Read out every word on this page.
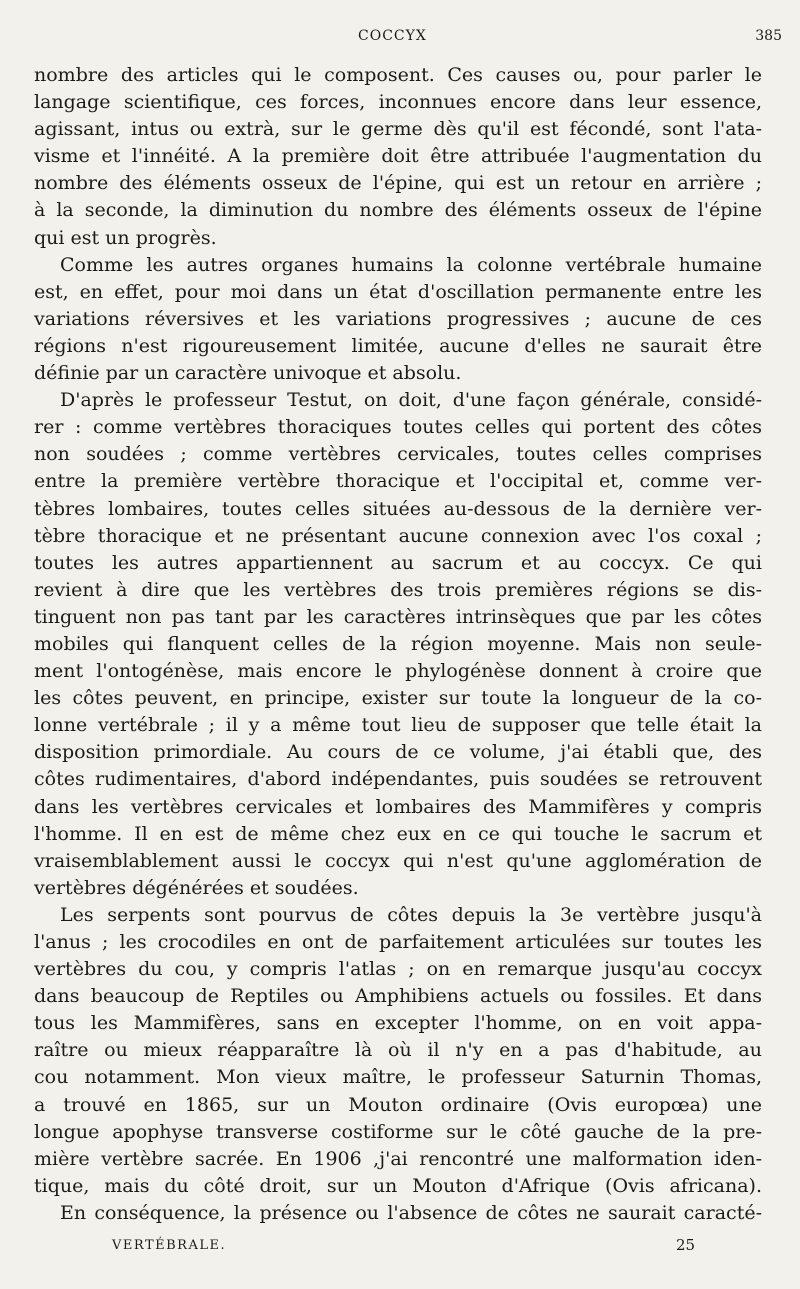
COCCYX	385
nombre des articles qui le composent. Ces causes ou, pour parler le
langage scientifique, ces forces, inconnues encore dans leur essence,
agissant, intus ou extrà, sur le germe dès qu'il est fécondé, sont l'ata-
visme et l'innéité. A la première doit être attribuée l'augmentation du
nombre des éléments osseux de l'épine, qui est un retour en arrière ;
à la seconde, la diminution du nombre des éléments osseux de l'épine
qui est un progrès.
Comme les autres organes humains la colonne vertébrale humaine
est, en effet, pour moi dans un état d'oscillation permanente entre les
variations réversives et les variations progressives ; aucune de ces
régions n'est rigoureusement limitée, aucune d'elles ne saurait être
définie par un caractère univoque et absolu.
D'après le professeur Testut, on doit, d'une façon générale, considé-
rer : comme vertèbres thoraciques toutes celles qui portent des côtes
non soudées ; comme vertèbres cervicales, toutes celles comprises
entre la première vertèbre thoracique et l'occipital et, comme ver-
tèbres lombaires, toutes celles situées au-dessous de la dernière ver-
tèbre thoracique et ne présentant aucune connexion avec l'os coxal ;
toutes les autres appartiennent au sacrum et au coccyx. Ce qui
revient à dire que les vertèbres des trois premières régions se dis-
tinguent non pas tant par les caractères intrinsèques que par les côtes
mobiles qui flanquent celles de la région moyenne. Mais non seule-
ment l'ontogénèse, mais encore le phylogénèse donnent à croire que
les côtes peuvent, en principe, exister sur toute la longueur de la co-
lonne vertébrale ; il y a même tout lieu de supposer que telle était la
disposition primordiale. Au cours de ce volume, j'ai établi que, des
côtes rudimentaires, d'abord indépendantes, puis soudées se retrouvent
dans les vertèbres cervicales et lombaires des Mammifères y compris
l'homme. Il en est de même chez eux en ce qui touche le sacrum et
vraisemblablement aussi le coccyx qui n'est qu'une agglomération de
vertèbres dégénérées et soudées.
Les serpents sont pourvus de côtes depuis la 3e vertèbre jusqu'à
l'anus ; les crocodiles en ont de parfaitement articulées sur toutes les
vertèbres du cou, y compris l'atlas ; on en remarque jusqu'au coccyx
dans beaucoup de Reptiles ou Amphibiens actuels ou fossiles. Et dans
tous les Mammifères, sans en excepter l'homme, on en voit appa-
raître ou mieux réapparaître là où il n'y en a pas d'habitude, au
cou notamment. Mon vieux maître, le professeur Saturnin Thomas,
a trouvé en 1865, sur un Mouton ordinaire (Ovis europœa) une
longue apophyse transverse costiforme sur le côté gauche de la pre-
mière vertèbre sacrée. En 1906 ,j'ai rencontré une malformation iden-
tique, mais du côté droit, sur un Mouton d'Afrique (Ovis africana).
En conséquence, la présence ou l'absence de côtes ne saurait caracté-
VERTÉBRALE.	25
